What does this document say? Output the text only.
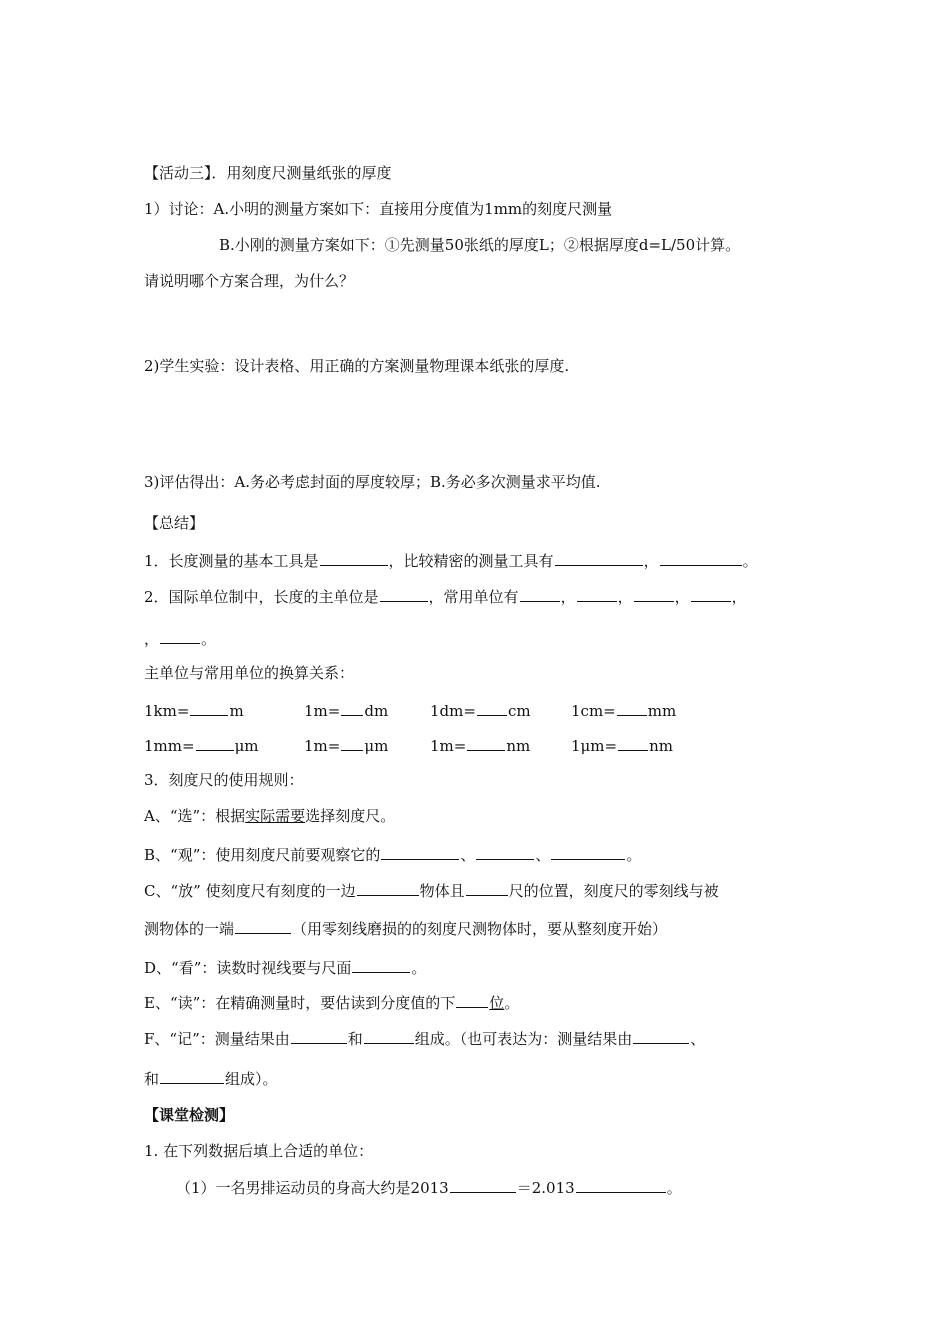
【活动三】．用刻度尺测量纸张的厚度
1）讨论：A.小明的测量方案如下：直接用分度值为1mm的刻度尺测量
B.小刚的测量方案如下：①先测量50张纸的厚度L；②根据厚度d=L/50计算。
请说明哪个方案合理，为什么？
2)学生实验：设计表格、用正确的方案测量物理课本纸张的厚度.
3)评估得出：A.务必考虑封面的厚度较厚；B.务必多次测量求平均值.
【总结】
1．长度测量的基本工具是	，比较精密的测量工具有	，	。
2．国际单位制中，长度的主单位是	，常用单位有	，	，	，	，
，	。
主单位与常用单位的换算关系：
1km=	m	1m= dm	1dm= cm	1cm= mm
1mm=	μm	1m= μm	1m=	nm	1μm= nm
3．刻度尺的使用规则：
A、“选”：根据实际需要选择刻度尺。
B、“观”：使用刻度尺前要观察它的	、	、	。
C、“放” 使刻度尺有刻度的一边	物体且	尺的位置，刻度尺的零刻线与被
测物体的一端	（用零刻线磨损的的刻度尺测物体时，要从整刻度开始）
D、“看”：读数时视线要与尺面	。
E、“读”：在精确测量时，要估读到分度值的下 位。
F、“记”：测量结果由	和	组成。（也可表达为：测量结果由	、
和	组成）。
【课堂检测】
1. 在下列数据后填上合适的单位：
（1）一名男排运动员的身高大约是2013	＝2.013	。
